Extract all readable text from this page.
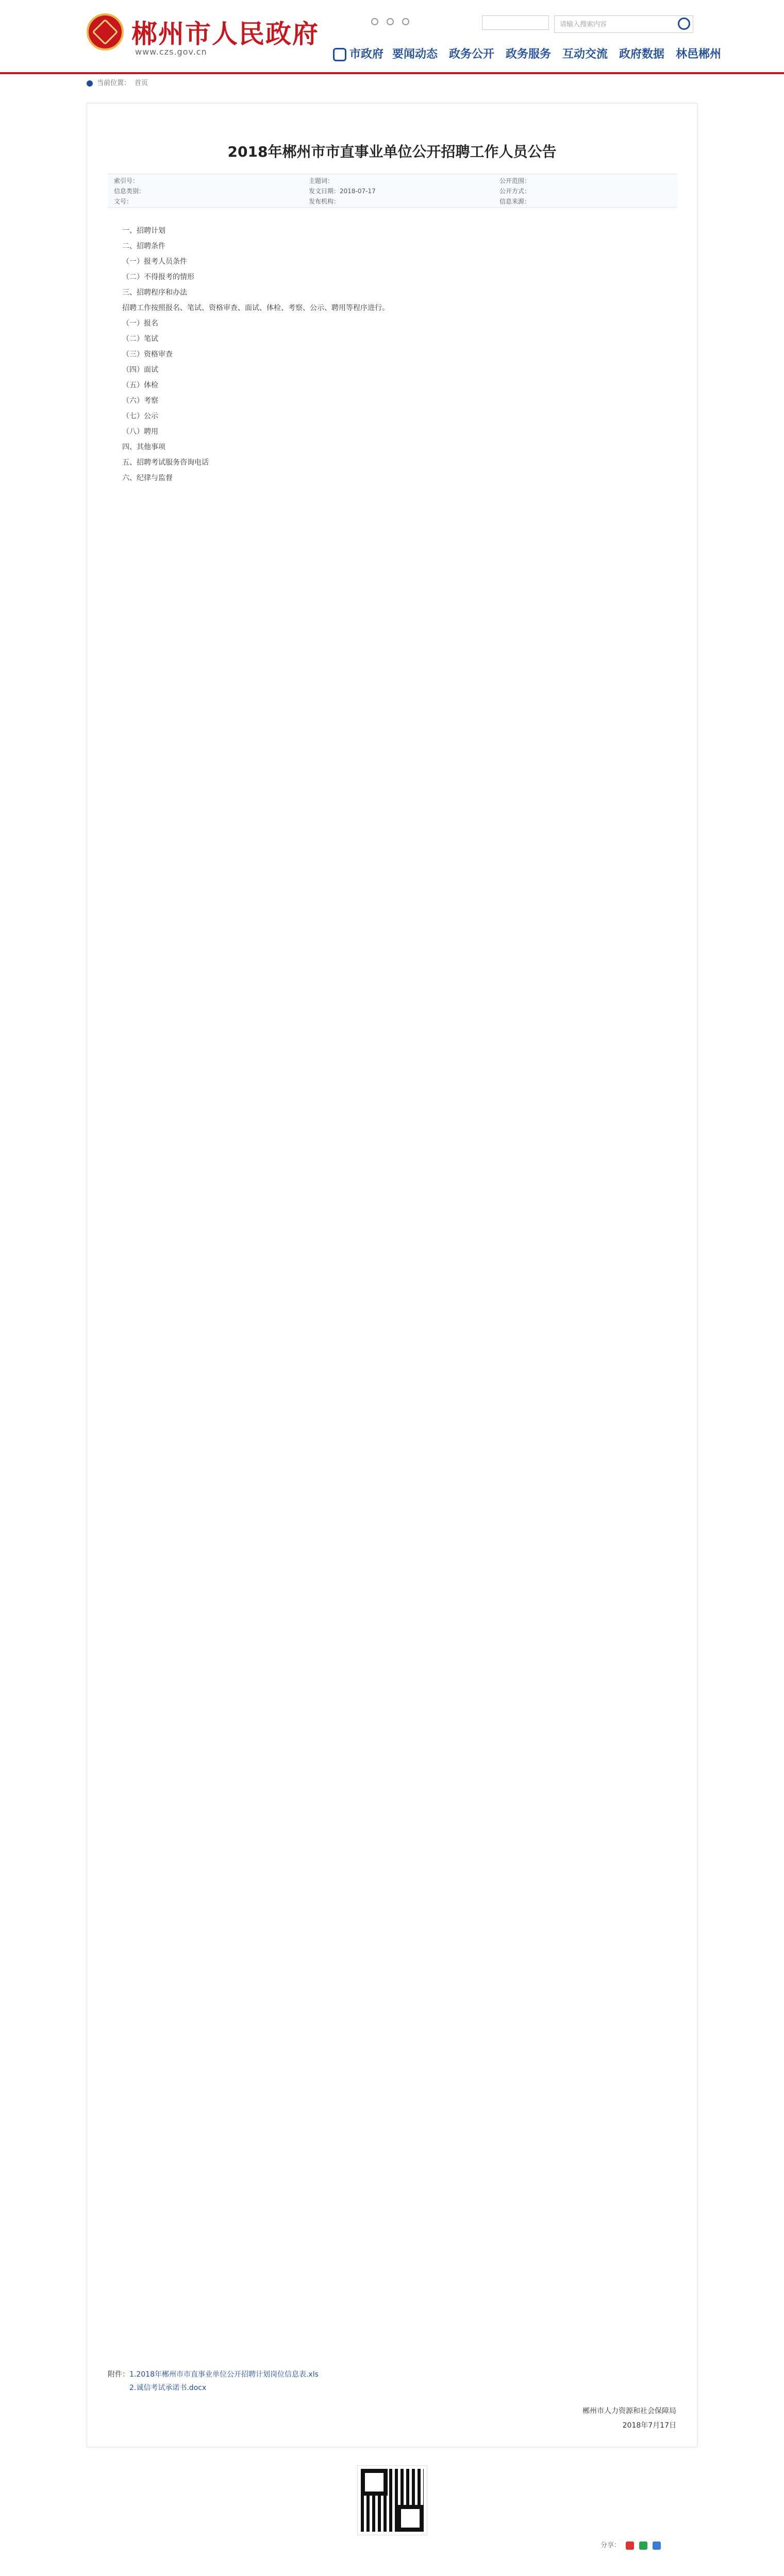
郴州市人民政府
www.czs.gov.cn
请输入搜索内容
市政府 要闻动态 政务公开 政务服务 互动交流 政府数据 林邑郴州
当前位置： 首页
2018年郴州市市直事业单位公开招聘工作人员公告
索引号：	主题词：	公开范围：
信息类别：	发文日期：2018-07-17	公开方式：
文号：	发布机构：	信息来源：

一、招聘计划

二、招聘条件

（一）报考人员条件

（二）不得报考的情形

三、招聘程序和办法

招聘工作按照报名、笔试、资格审查、面试、体检、考察、公示、聘用等程序进行。

（一）报名

（二）笔试

（三）资格审查

（四）面试

（五）体检

（六）考察

（七）公示

（八）聘用

四、其他事项

五、招聘考试服务咨询电话

六、纪律与监督

附件：1.2018年郴州市市直事业单位公开招聘计划岗位信息表.xls
2.诚信考试承诺书.docx
郴州市人力资源和社会保障局
2018年7月17日
分享：
